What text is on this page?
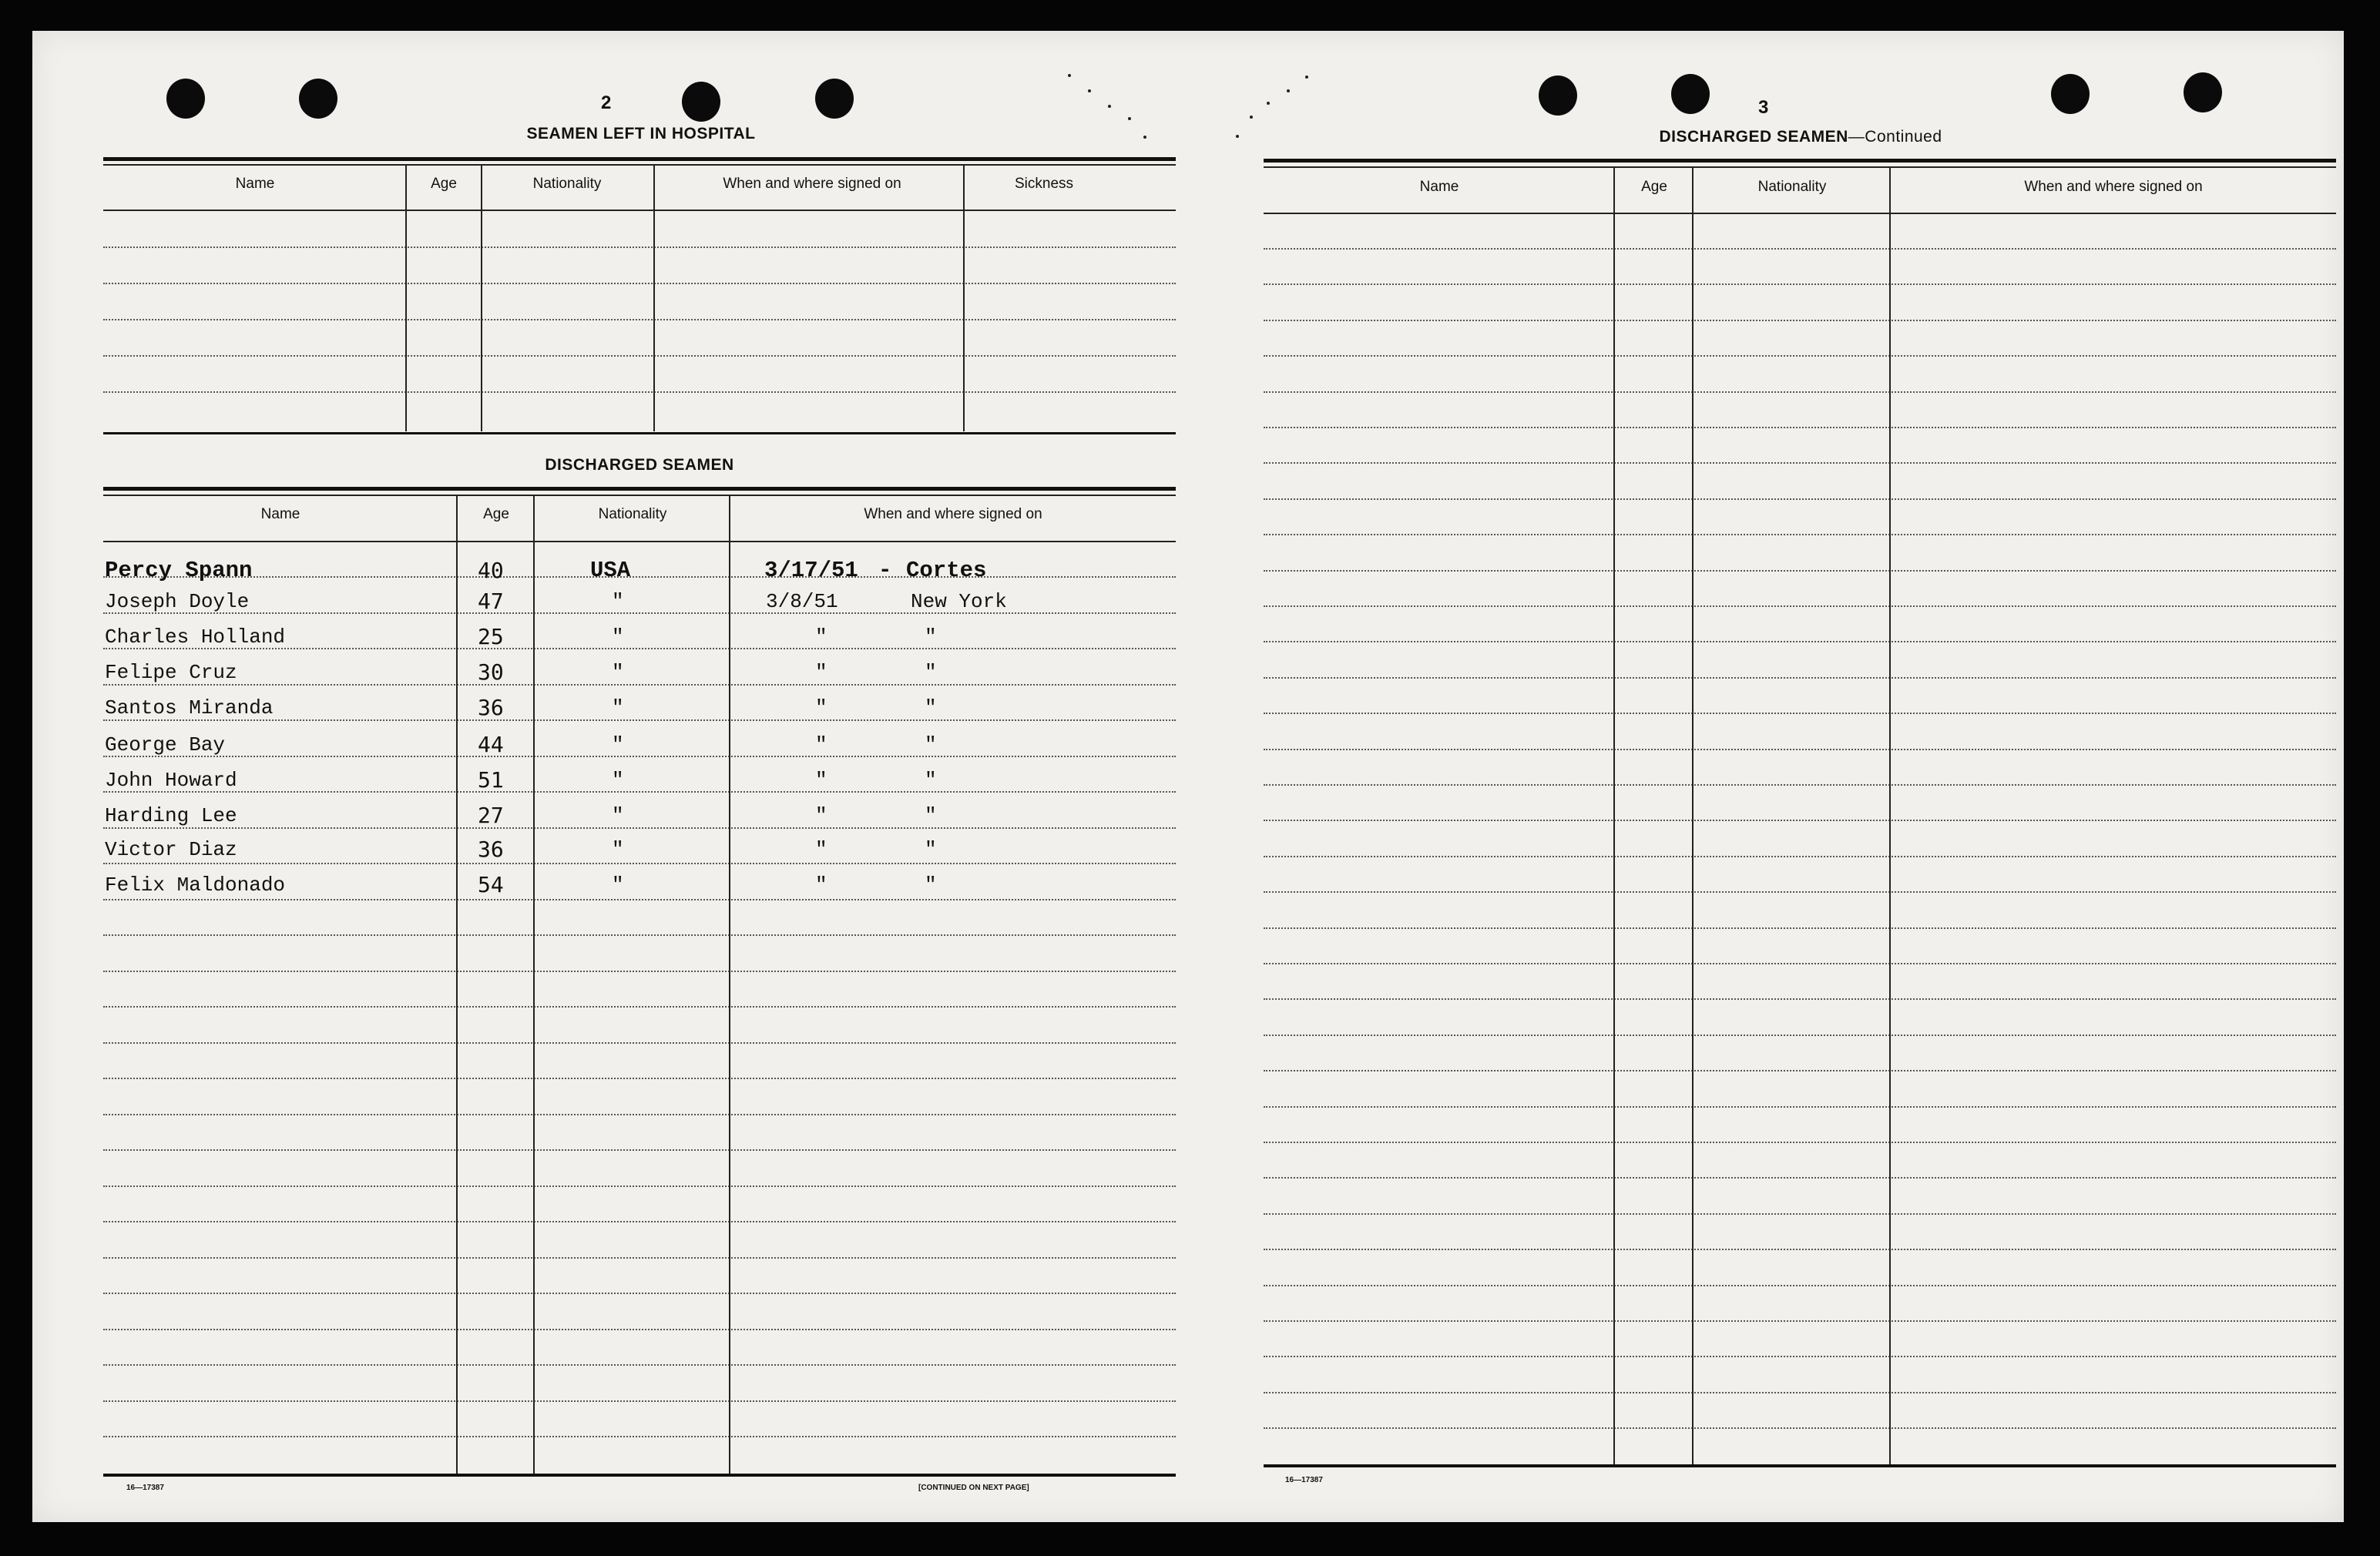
2
SEAMEN LEFT IN HOSPITAL
Name	Age	Nationality	When and where signed on	Sickness
DISCHARGED SEAMEN
Name	Age	Nationality	When and where signed on
Percy Spann	40	USA	3/17/51 - Cortes
Joseph Doyle	47	"	3/8/51	New York
Charles Holland	25	"	"	"
Felipe Cruz	30	"	"	"
Santos Miranda	36	"	"	"
George Bay	44	"	"	"
John Howard	51	"	"	"
Harding Lee	27	"	"	"
Victor Diaz	36	"	"	"
Felix Maldonado	54	"	"	"
16—17387	[CONTINUED ON NEXT PAGE]
3
DISCHARGED SEAMEN—Continued
Name	Age	Nationality	When and where signed on
16—17387
